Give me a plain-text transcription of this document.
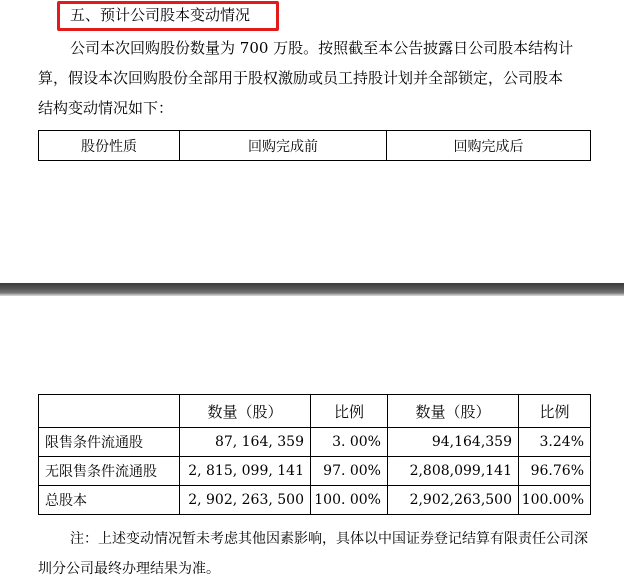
五、预计公司股本变动情况
公司本次回购股份数量为 700 万股。按照截至本公告披露日公司股本结构计
算，假设本次回购股份全部用于股权激励或员工持股计划并全部锁定，公司股本
结构变动情况如下：
股份性质	回购完成前	回购完成后
	数量（股）	比例	数量（股）	比例
限售条件流通股	87, 164, 359	3. 00%	94,164,359	3.24%
无限售条件流通股	2, 815, 099, 141	97. 00%	2,808,099,141	96.76%
总股本	2, 902, 263, 500	100. 00%	2,902,263,500	100.00%
注：上述变动情况暂未考虑其他因素影响，具体以中国证券登记结算有限责任公司深
圳分公司最终办理结果为准。
